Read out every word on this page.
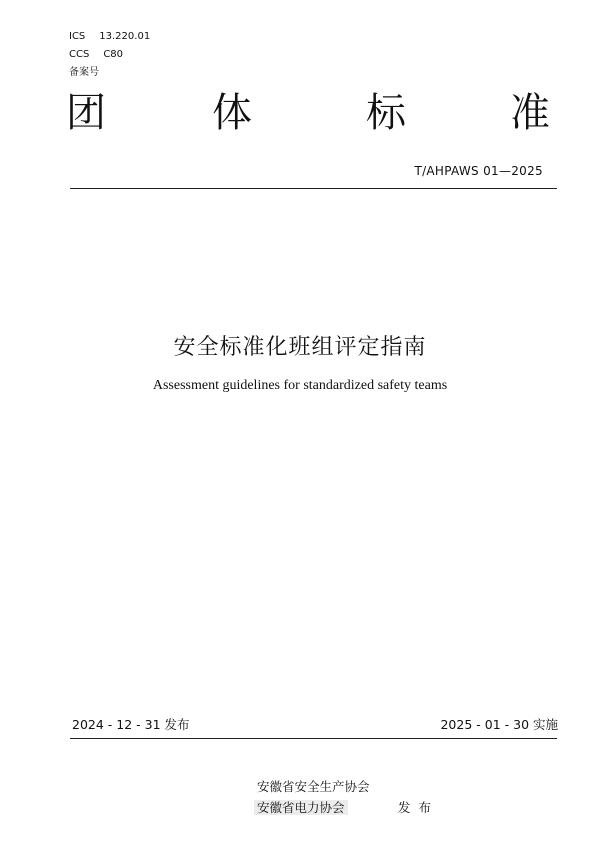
ICS 13.220.01
CCS C80
备案号
团	体	标	准
T/AHPAWS 01—2025
安全标准化班组评定指南
Assessment guidelines for standardized safety teams
2024 - 12 - 31 发布	2025 - 01 - 30 实施
安徽省安全生产协会
安徽省电力协会	发布
